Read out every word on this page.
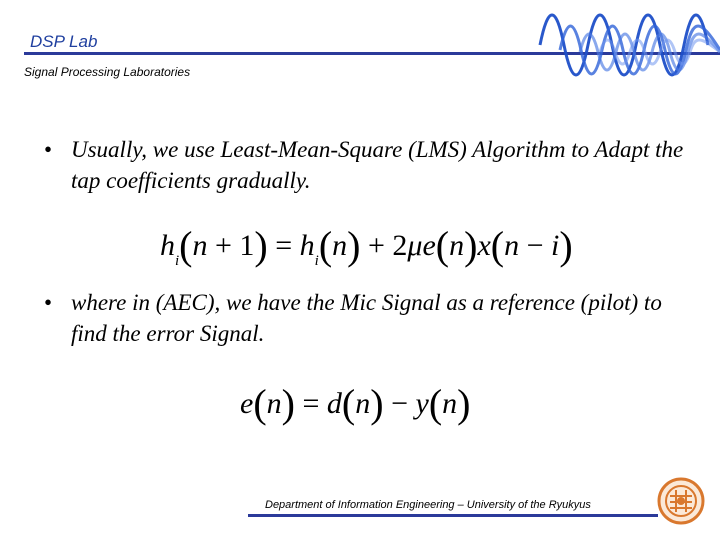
DSP Lab
Signal Processing Laboratories
• Usually, we use Least-Mean-Square (LMS) Algorithm to Adapt the tap coefficients gradually.
$h_i(n + 1) = h_i(n) + 2\mu e(n)x(n - i)$
• where in (AEC), we have the Mic Signal as a reference (pilot) to find the error Signal.
e(n) = d(n) − y(n)
Department of Information Engineering – University of the Ryukyus
